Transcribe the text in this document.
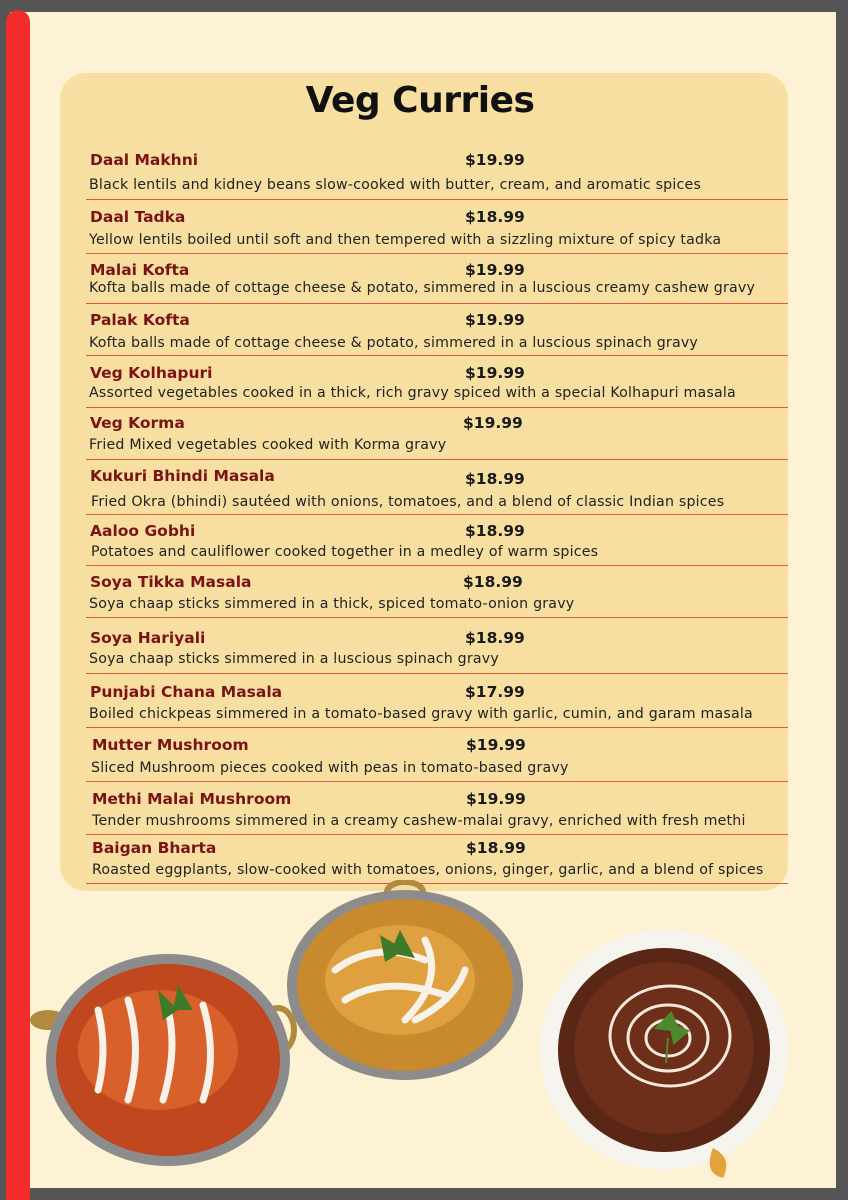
Veg Curries
Daal Makhni	$19.99
Black lentils and kidney beans slow-cooked with butter, cream, and aromatic spices
Daal Tadka	$18.99
Yellow lentils boiled until soft and then tempered with a sizzling mixture of spicy tadka
Malai Kofta	$19.99
Kofta balls made of cottage cheese & potato, simmered in a luscious creamy cashew gravy
Palak Kofta	$19.99
Kofta balls made of cottage cheese & potato, simmered in a luscious spinach gravy
Veg Kolhapuri	$19.99
Assorted vegetables cooked in a thick, rich gravy spiced with a special Kolhapuri masala
Veg Korma	$19.99
Fried Mixed vegetables cooked with Korma gravy
Kukuri Bhindi Masala	$18.99
Fried Okra (bhindi) sautéed with onions, tomatoes, and a blend of classic Indian spices
Aaloo Gobhi	$18.99
Potatoes and cauliflower cooked together in a medley of warm spices
Soya Tikka Masala	$18.99
Soya chaap sticks simmered in a thick, spiced tomato-onion gravy
Soya Hariyali	$18.99
Soya chaap sticks simmered in a luscious spinach gravy
Punjabi Chana Masala	$17.99
Boiled chickpeas simmered in a tomato-based gravy with garlic, cumin, and garam masala
Mutter Mushroom	$19.99
Sliced Mushroom pieces cooked with peas in tomato-based gravy
Methi Malai Mushroom	$19.99
Tender mushrooms simmered in a creamy cashew-malai gravy, enriched with fresh methi
Baigan Bharta	$18.99
Roasted eggplants, slow-cooked with tomatoes, onions, ginger, garlic, and a blend of spices
